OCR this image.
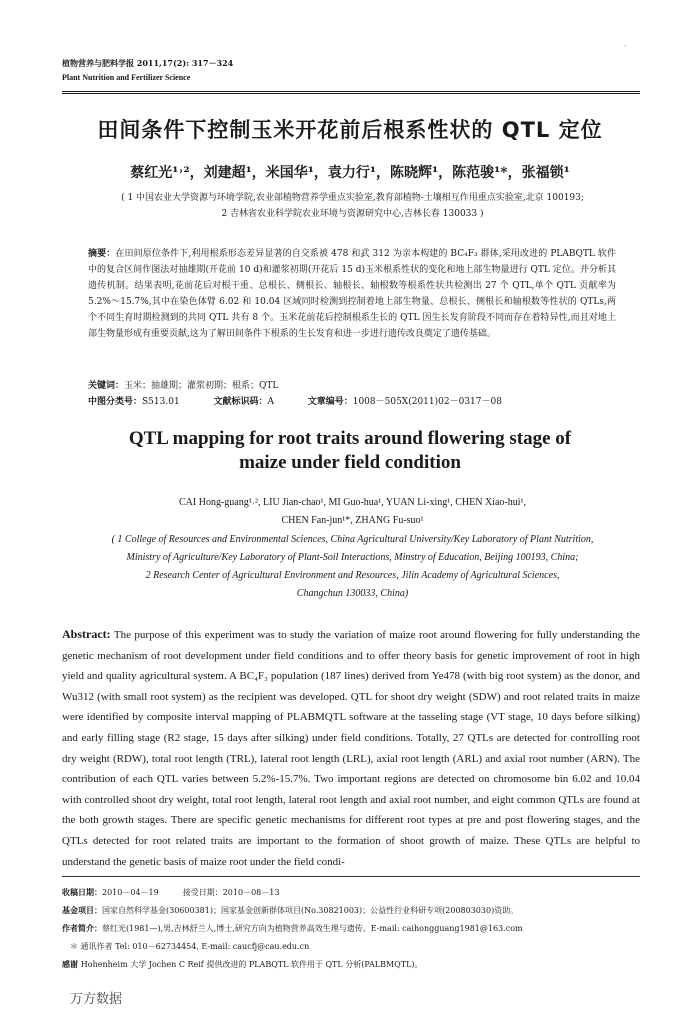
·
植物营养与肥料学报 2011,17(2): 317－324
Plant Nutrition and Fertilizer Science
田间条件下控制玉米开花前后根系性状的 QTL 定位
蔡红光¹˒²，刘建超¹，米国华¹，袁力行¹，陈晓辉¹，陈范骏¹*，张福锁¹
( 1 中国农业大学资源与环境学院,农业部植物营养学重点实验室,教育部植物-土壤相互作用重点实验室,北京 100193;
2 吉林省农业科学院农业环境与资源研究中心,吉林长春 130033 )
摘要：在田间原位条件下,利用根系形态差异显著的自交系被 478 和武 312 为亲本构建的 BC₄F₃ 群体,采用改进的 PLABQTL 软件中的复合区间作图法对抽雄期(开花前 10 d)和灌浆初期(开花后 15 d)玉米根系性状的变化和地上部生物量进行 QTL 定位。并分析其遗传机制。结果表明,花前花后对根干重、总根长、侧根长、轴根长、轴根数等根系性状共检测出 27 个 QTL,单个 QTL 贡献率为 5.2%～15.7%,其中在染色体臂 6.02 和 10.04 区域同时检测到控制着地上部生物量、总根长、侧根长和轴根数等性状的 QTLs,两个不同生育时期检测到的共同 QTL 共有 8 个。玉米花前花后控制根系生长的 QTL 因生长发育阶段不同而存在着特异性,而且对地上部生物量形成有重要贡献,这为了解田间条件下根系的生长发育和进一步进行遗传改良奠定了遗传基础。
关键词：玉米；抽雄期；灌浆初期；根系；QTL
中图分类号：S513.01	文献标识码：A	文章编号：1008－505X(2011)02－0317－08
QTL mapping for root traits around flowering stage of
maize under field condition
CAI Hong-guang¹˒², LIU Jian-chao¹, MI Guo-hua¹, YUAN Li-xing¹, CHEN Xiao-hui¹,
CHEN Fan-jun¹*, ZHANG Fu-suo¹
( 1 College of Resources and Environmental Sciences, China Agricultural University/Key Laboratory of Plant Nutrition,
Ministry of Agriculture/Key Laboratory of Plant-Soil Interactions, Minstry of Education, Beijing 100193, China;
2 Research Center of Agricultural Environment and Resources, Jilin Academy of Agricultural Sciences,
Changchun 130033, China)
Abstract: The purpose of this experiment was to study the variation of maize root around flowering for fully understanding the genetic mechanism of root development under field conditions and to offer theory basis for genetic improvement of root in high yield and quality agricultural system. A BC₄F₃ population (187 lines) derived from Ye478 (with big root system) as the donor, and Wu312 (with small root system) as the recipient was developed. QTL for shoot dry weight (SDW) and root related traits in maize were identified by composite interval mapping of PLABMQTL software at the tasseling stage (VT stage, 10 days before silking) and early filling stage (R2 stage, 15 days after silking) under field conditions. Totally, 27 QTLs are detected for controlling root dry weight (RDW), total root length (TRL), lateral root length (LRL), axial root length (ARL) and axial root number (ARN). The contribution of each QTL varies between 5.2%-15.7%. Two important regions are detected on chromosome bin 6.02 and 10.04 with controlled shoot dry weight, total root length, lateral root length and axial root number, and eight common QTLs are found at the both growth stages. There are specific genetic mechanisms for different root types at pre and post flowering stages, and the QTLs detected for root related traits are important to the formation of shoot growth of maize. These QTLs are helpful to understand the genetic basis of maize root under the field condi-
收稿日期：2010－04－19　　　接受日期：2010－08－13
基金项目：国家自然科学基金(30600381)；国家基金创新群体项目(No.30821003)；公益性行业科研专项(200803030)资助。
作者简介：蔡红光(1981—),男,吉林舒兰人,博士,研究方向为植物营养高效生理与遗传。E-mail: caihongguang1981@163.com
　＊ 通讯作者 Tel: 010－62734454, E-mail: caucfj@cau.edu.cn
感谢 Hohenheim 大学 Jochen C Reif 提供改进的 PLABQTL 软件用于 QTL 分析(PALBMQTL)。
万方数据
